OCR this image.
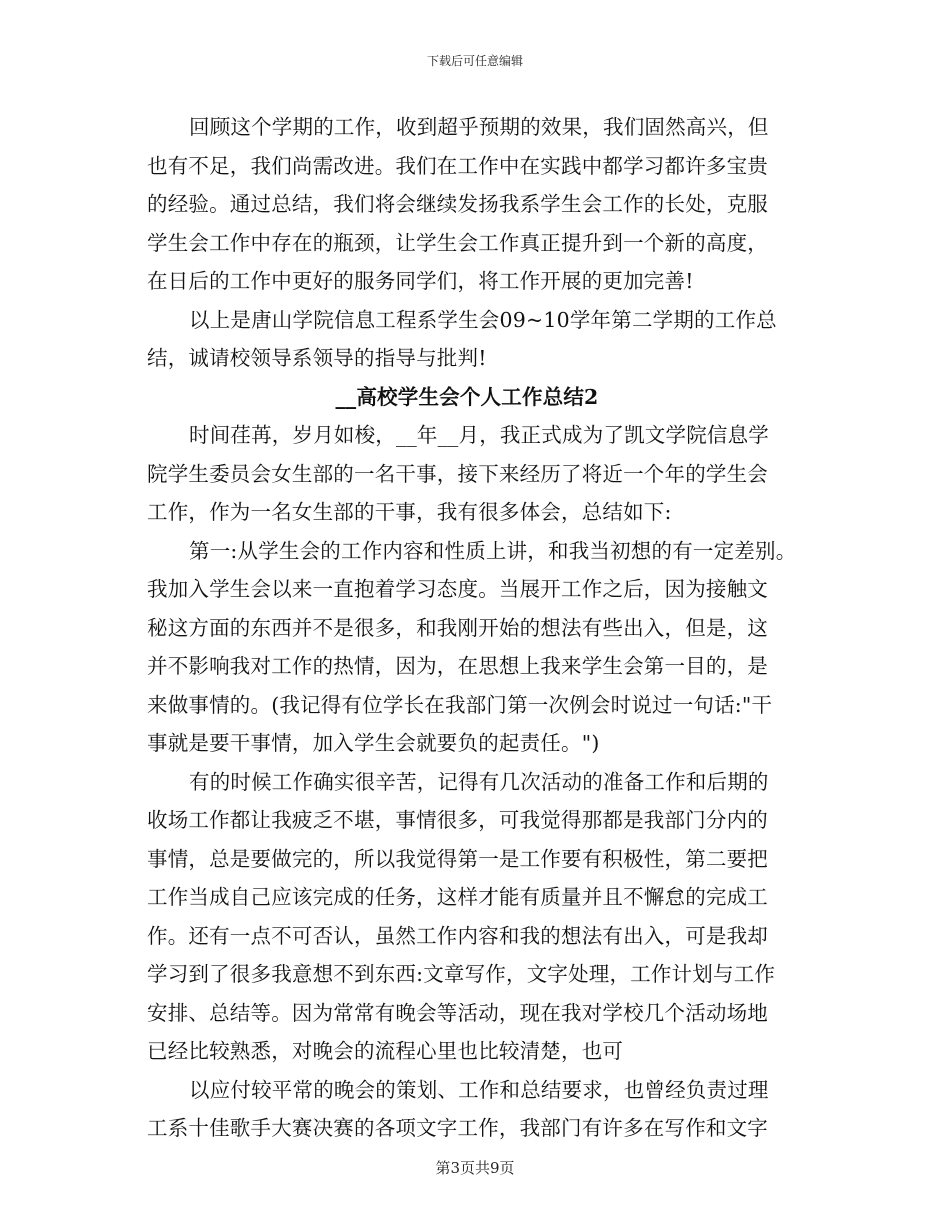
下载后可任意编辑
回顾这个学期的工作，收到超乎预期的效果，我们固然高兴，但
也有不足，我们尚需改进。我们在工作中在实践中都学习都许多宝贵
的经验。通过总结，我们将会继续发扬我系学生会工作的长处，克服
学生会工作中存在的瓶颈，让学生会工作真正提升到一个新的高度，
在日后的工作中更好的服务同学们，将工作开展的更加完善!
以上是唐山学院信息工程系学生会09~10学年第二学期的工作总
结，诚请校领导系领导的指导与批判!
__高校学生会个人工作总结2
时间荏苒，岁月如梭，__年__月，我正式成为了凯文学院信息学
院学生委员会女生部的一名干事，接下来经历了将近一个年的学生会
工作，作为一名女生部的干事，我有很多体会，总结如下:
第一:从学生会的工作内容和性质上讲，和我当初想的有一定差别。
我加入学生会以来一直抱着学习态度。当展开工作之后，因为接触文
秘这方面的东西并不是很多，和我刚开始的想法有些出入，但是，这
并不影响我对工作的热情，因为，在思想上我来学生会第一目的，是
来做事情的。(我记得有位学长在我部门第一次例会时说过一句话:"干
事就是要干事情，加入学生会就要负的起责任。")
有的时候工作确实很辛苦，记得有几次活动的准备工作和后期的
收场工作都让我疲乏不堪，事情很多，可我觉得那都是我部门分内的
事情，总是要做完的，所以我觉得第一是工作要有积极性，第二要把
工作当成自己应该完成的任务，这样才能有质量并且不懈怠的完成工
作。还有一点不可否认，虽然工作内容和我的想法有出入，可是我却
学习到了很多我意想不到东西:文章写作，文字处理，工作计划与工作
安排、总结等。因为常常有晚会等活动，现在我对学校几个活动场地
已经比较熟悉，对晚会的流程心里也比较清楚，也可
以应付较平常的晚会的策划、工作和总结要求，也曾经负责过理
工系十佳歌手大赛决赛的各项文字工作，我部门有许多在写作和文字
第3页共9页
